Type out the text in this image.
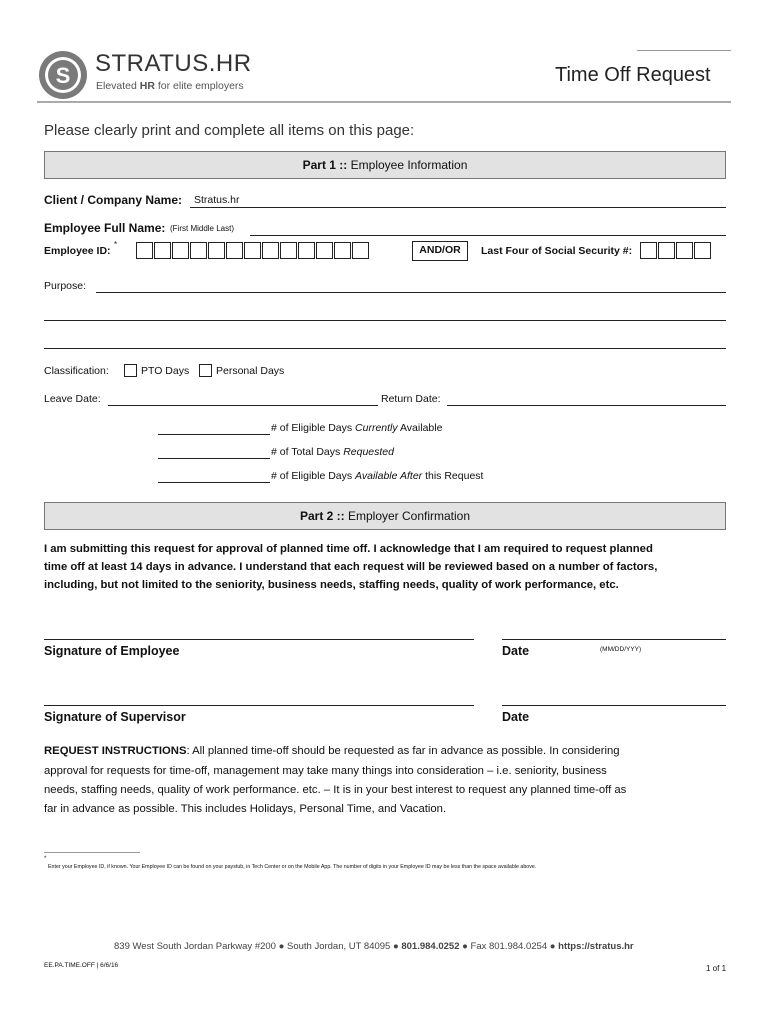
S STRATUS.HR
Elevated HR for elite employers	Time Off Request
Please clearly print and complete all items on this page:
Part 1 :: Employee Information
Client / Company Name: Stratus.hr
Employee Full Name: (First Middle Last)
Employee ID:
*	AND/OR	Last Four of Social Security #:
Purpose:
Classification:	PTO Days	Personal Days
Leave Date:	Return Date:
# of Eligible Days Currently Available
# of Total Days Requested
# of Eligible Days Available After this Request
Part 2 :: Employer Confirmation
I am submitting this request for approval of planned time off. I acknowledge that I am required to request planned
time off at least 14 days in advance. I understand that each request will be reviewed based on a number of factors,
including, but not limited to the seniority, business needs, staffing needs, quality of work performance, etc.
Signature of Employee	Date	(MM/DD/YYY)
Signature of Supervisor	Date
REQUEST INSTRUCTIONS: All planned time-off should be requested as far in advance as possible. In considering
approval for requests for time-off, management may take many things into consideration – i.e. seniority, business
needs, staffing needs, quality of work performance. etc. – It is in your best interest to request any planned time-off as
far in advance as possible. This includes Holidays, Personal Time, and Vacation.
*
Enter your Employee ID, if known. Your Employee ID can be found on your paystub, in Tech Center or on the Mobile App. The number of digits in your Employee ID may be less than the space available above.
839 West South Jordan Parkway #200 ● South Jordan, UT 84095 ● 801.984.0252 ● Fax 801.984.0254 ● https://stratus.hr
EE.PA.TIME.OFF | 6/6/16	1 of 1
